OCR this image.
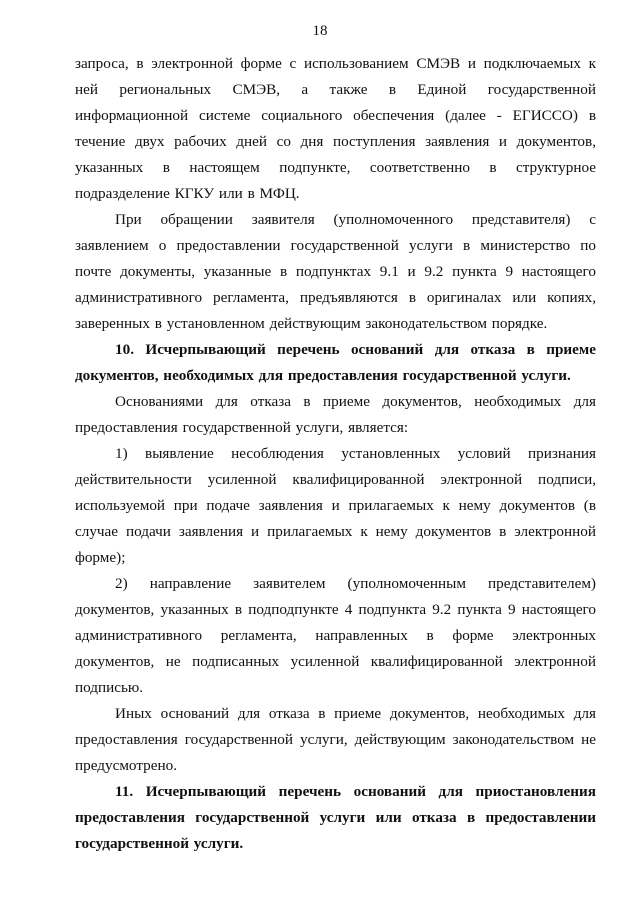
18

запроса, в электронной форме с использованием СМЭВ и подключаемых к ней региональных СМЭВ, а также в Единой государственной информационной системе социального обеспечения (далее - ЕГИССО) в течение двух рабочих дней со дня поступления заявления и документов, указанных в настоящем подпункте, соответственно в структурное подразделение КГКУ или в МФЦ.

При обращении заявителя (уполномоченного представителя) с заявлением о предоставлении государственной услуги в министерство по почте документы, указанные в подпунктах 9.1 и 9.2 пункта 9 настоящего административного регламента, предъявляются в оригиналах или копиях, заверенных в установленном действующим законодательством порядке.

10. Исчерпывающий перечень оснований для отказа в приеме документов, необходимых для предоставления государственной услуги.

Основаниями для отказа в приеме документов, необходимых для предоставления государственной услуги, является:

1) выявление несоблюдения установленных условий признания действительности усиленной квалифицированной электронной подписи, используемой при подаче заявления и прилагаемых к нему документов (в случае подачи заявления и прилагаемых к нему документов в электронной форме);

2) направление заявителем (уполномоченным представителем) документов, указанных в подподпункте 4 подпункта 9.2 пункта 9 настоящего административного регламента, направленных в форме электронных документов, не подписанных усиленной квалифицированной электронной подписью.

Иных оснований для отказа в приеме документов, необходимых для предоставления государственной услуги, действующим законодательством не предусмотрено.

11. Исчерпывающий перечень оснований для приостановления предоставления государственной услуги или отказа в предоставлении государственной услуги.
